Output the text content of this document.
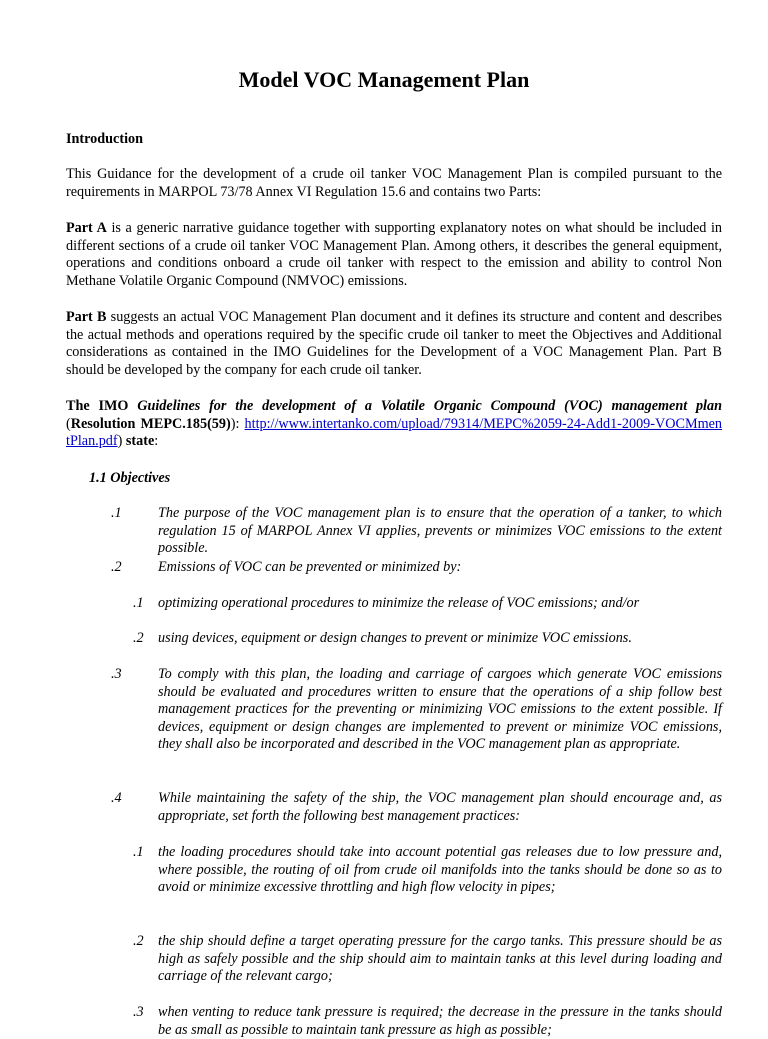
Model VOC Management Plan
Introduction

This Guidance for the development of a crude oil tanker VOC Management Plan is compiled pursuant to the requirements in MARPOL 73/78 Annex VI Regulation 15.6 and contains two Parts:

Part A is a generic narrative guidance together with supporting explanatory notes on what should be included in different sections of a crude oil tanker VOC Management Plan. Among others, it describes the general equipment, operations and conditions onboard a crude oil tanker with respect to the emission and ability to control Non Methane Volatile Organic Compound (NMVOC) emissions.

Part B suggests an actual VOC Management Plan document and it defines its structure and content and describes the actual methods and operations required by the specific crude oil tanker to meet the Objectives and Additional considerations as contained in the IMO Guidelines for the Development of a VOC Management Plan. Part B should be developed by the company for each crude oil tanker.

The IMO Guidelines for the development of a Volatile Organic Compound (VOC) management plan (Resolution MEPC.185(59)): http://www.intertanko.com/upload/79314/MEPC%2059-24-Add1-2009-VOCMmentPlan.pdf) state:

1.1 Objectives
.1	The purpose of the VOC management plan is to ensure that the operation of a tanker, to which regulation 15 of MARPOL Annex VI applies, prevents or minimizes VOC emissions to the extent possible.

.2	Emissions of VOC can be prevented or minimized by:

.1 optimizing operational procedures to minimize the release of VOC emissions; and/or

.2 using devices, equipment or design changes to prevent or minimize VOC emissions.

.3	To comply with this plan, the loading and carriage of cargoes which generate VOC emissions should be evaluated and procedures written to ensure that the operations of a ship follow best management practices for the preventing or minimizing VOC emissions to the extent possible. If devices, equipment or design changes are implemented to prevent or minimize VOC emissions, they shall also be incorporated and described in the VOC management plan as appropriate.

.4	While maintaining the safety of the ship, the VOC management plan should encourage and, as appropriate, set forth the following best management practices:

.1 the loading procedures should take into account potential gas releases due to low pressure and, where possible, the routing of oil from crude oil manifolds into the tanks should be done so as to avoid or minimize excessive throttling and high flow velocity in pipes;

.2 the ship should define a target operating pressure for the cargo tanks. This pressure should be as high as safely possible and the ship should aim to maintain tanks at this level during loading and carriage of the relevant cargo;

.3 when venting to reduce tank pressure is required; the decrease in the pressure in the tanks should be as small as possible to maintain tank pressure as high as possible;
